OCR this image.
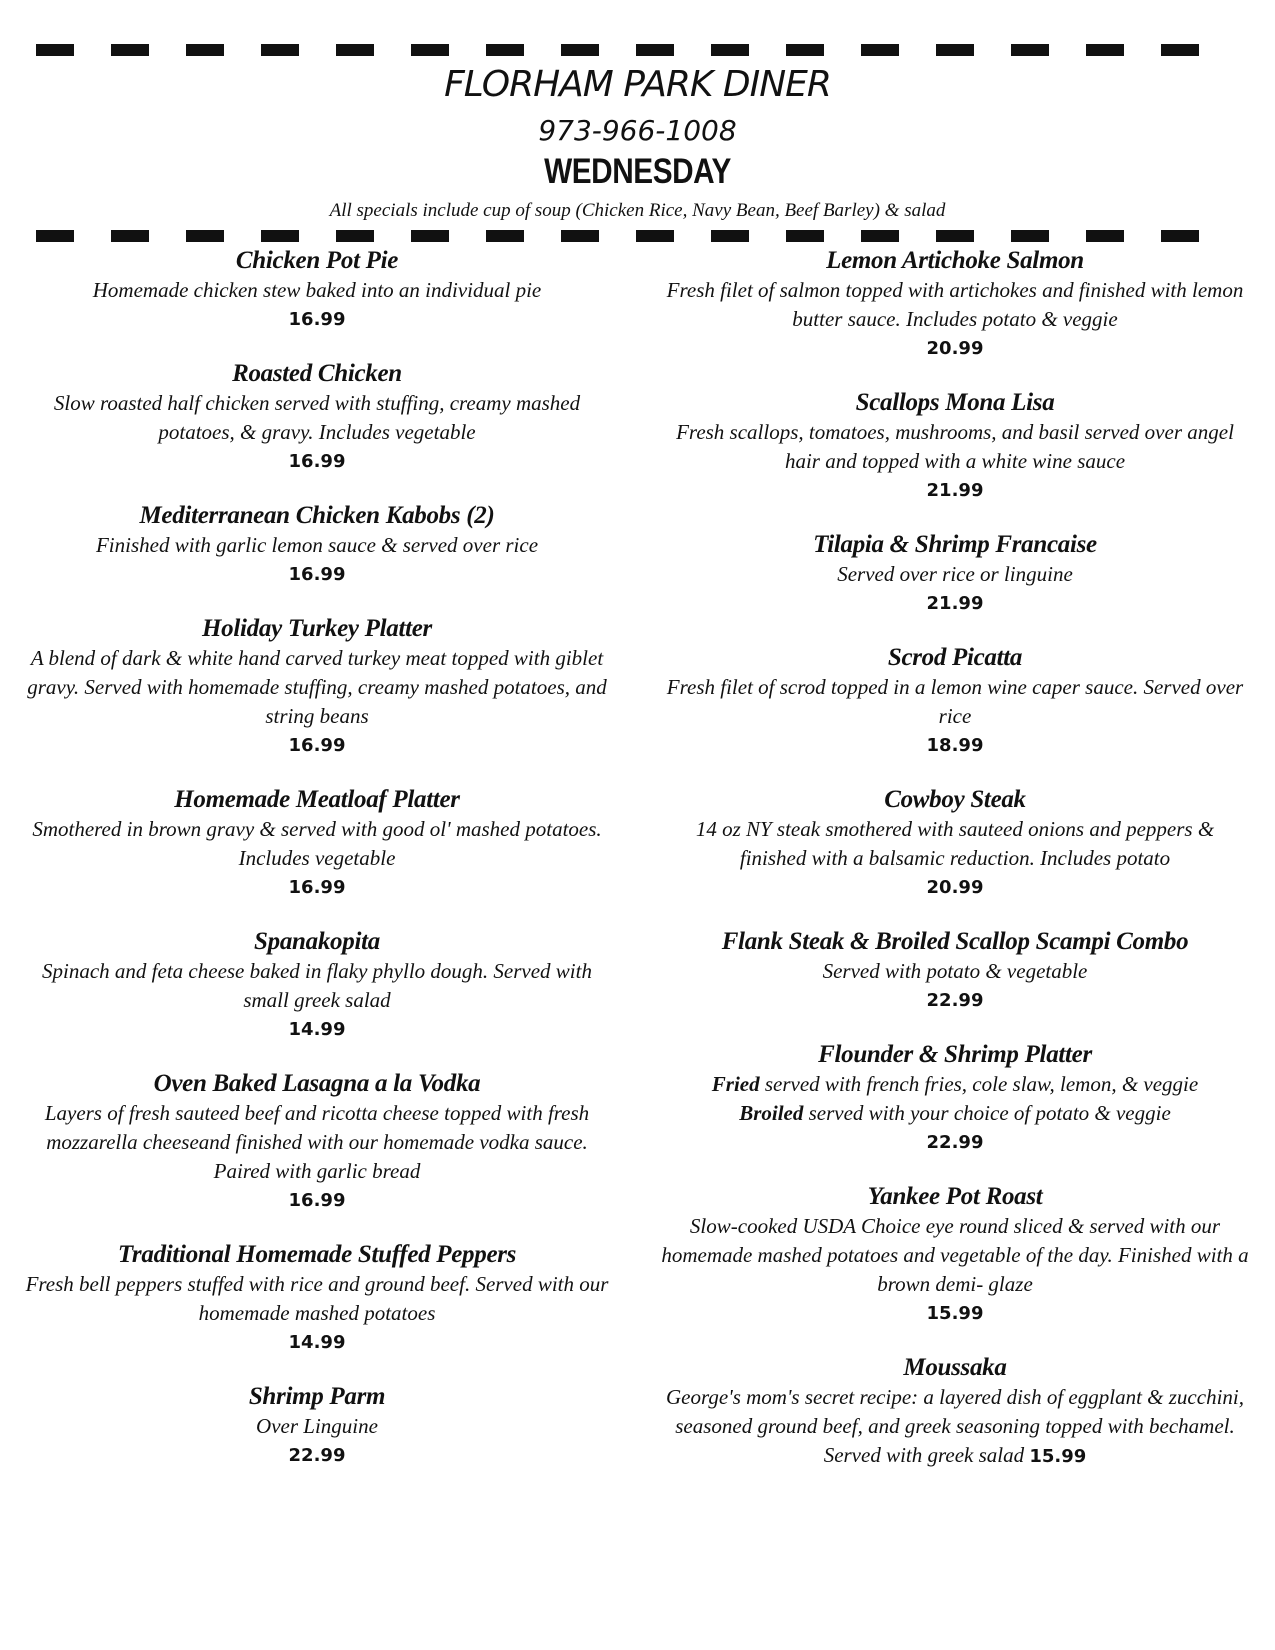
FLORHAM PARK DINER
973-966-1008
WEDNESDAY
All specials include cup of soup (Chicken Rice, Navy Bean, Beef Barley) & salad
Chicken Pot Pie
Homemade chicken stew baked into an individual pie
16.99
Roasted Chicken
Slow roasted half chicken served with stuffing, creamy mashed potatoes, & gravy. Includes vegetable
16.99
Mediterranean Chicken Kabobs (2)
Finished with garlic lemon sauce & served over rice
16.99
Holiday Turkey Platter
A blend of dark & white hand carved turkey meat topped with giblet gravy. Served with homemade stuffing, creamy mashed potatoes, and string beans
16.99
Homemade Meatloaf Platter
Smothered in brown gravy & served with good ol' mashed potatoes. Includes vegetable
16.99
Spanakopita
Spinach and feta cheese baked in flaky phyllo dough. Served with small greek salad
14.99
Oven Baked Lasagna a la Vodka
Layers of fresh sauteed beef and ricotta cheese topped with fresh mozzarella cheeseand finished with our homemade vodka sauce. Paired with garlic bread
16.99
Traditional Homemade Stuffed Peppers
Fresh bell peppers stuffed with rice and ground beef. Served with our homemade mashed potatoes
14.99
Shrimp Parm
Over Linguine
22.99
Lemon Artichoke Salmon
Fresh filet of salmon topped with artichokes and finished with lemon butter sauce. Includes potato & veggie
20.99
Scallops Mona Lisa
Fresh scallops, tomatoes, mushrooms, and basil served over angel hair and topped with a white wine sauce
21.99
Tilapia & Shrimp Francaise
Served over rice or linguine
21.99
Scrod Picatta
Fresh filet of scrod topped in a lemon wine caper sauce. Served over rice
18.99
Cowboy Steak
14 oz NY steak smothered with sauteed onions and peppers & finished with a balsamic reduction. Includes potato
20.99
Flank Steak & Broiled Scallop Scampi Combo
Served with potato & vegetable
22.99
Flounder & Shrimp Platter
Fried served with french fries, cole slaw, lemon, & veggie
Broiled served with your choice of potato & veggie
22.99
Yankee Pot Roast
Slow-cooked USDA Choice eye round sliced & served with our homemade mashed potatoes and vegetable of the day. Finished with a brown demi- glaze
15.99
Moussaka
George's mom's secret recipe: a layered dish of eggplant & zucchini, seasoned ground beef, and greek seasoning topped with bechamel. Served with greek salad 15.99
